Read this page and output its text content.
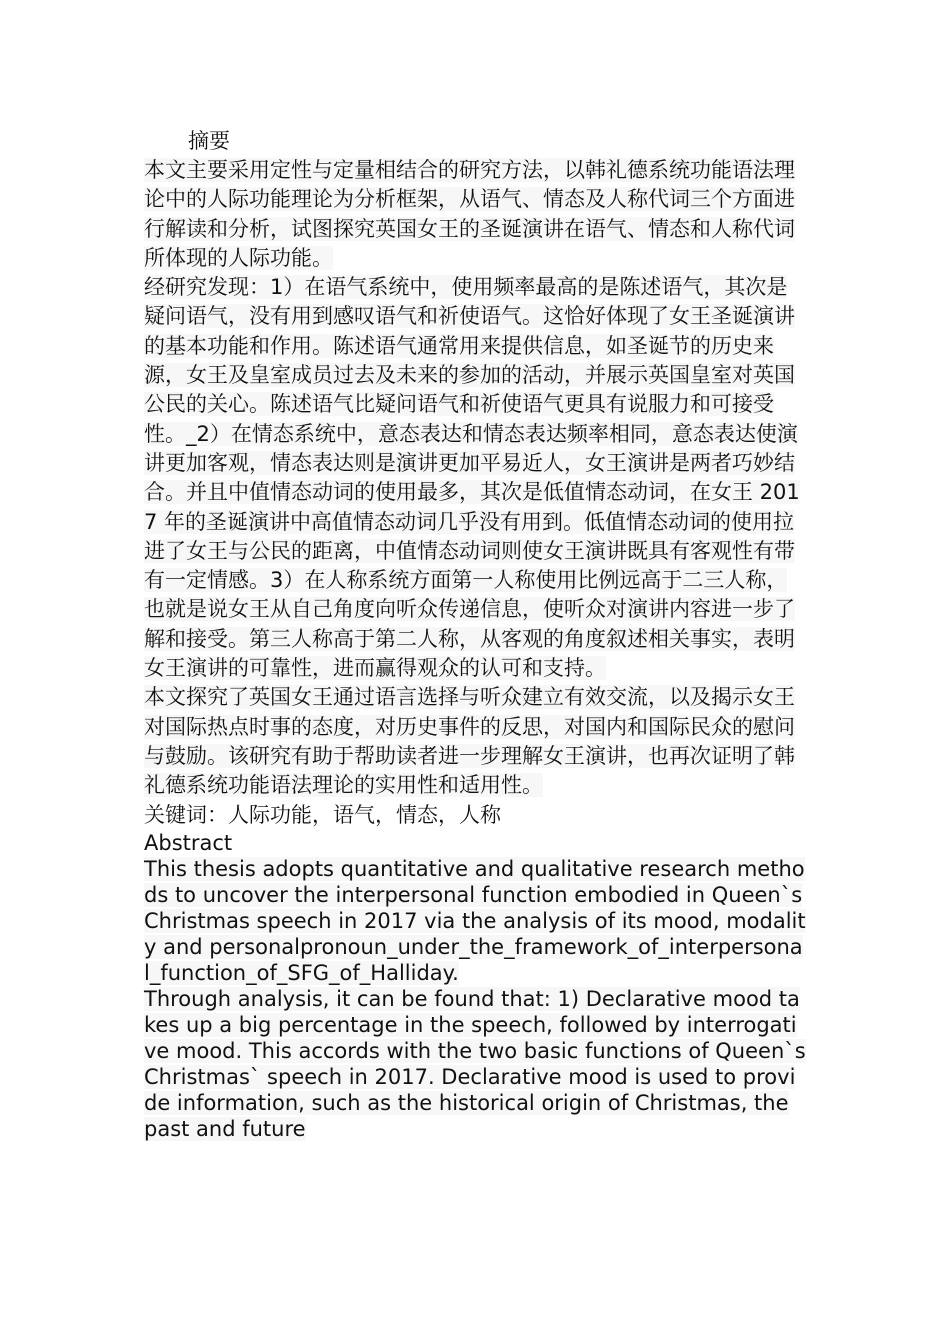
摘要

本文主要采用定性与定量相结合的研究方法，以韩礼德系统功能语法理论中的人际功能理论为分析框架，从语气、情态及人称代词三个方面进行解读和分析，试图探究英国女王的圣诞演讲在语气、情态和人称代词所体现的人际功能。

经研究发现：1）在语气系统中，使用频率最高的是陈述语气，其次是疑问语气，没有用到感叹语气和祈使语气。这恰好体现了女王圣诞演讲的基本功能和作用。陈述语气通常用来提供信息，如圣诞节的历史来源，女王及皇室成员过去及未来的参加的活动，并展示英国皇室对英国公民的关心。陈述语气比疑问语气和祈使语气更具有说服力和可接受性。_2）在情态系统中，意态表达和情态表达频率相同，意态表达使演讲更加客观，情态表达则是演讲更加平易近人，女王演讲是两者巧妙结合。并且中值情态动词的使用最多，其次是低值情态动词，在女王 2017 年的圣诞演讲中高值情态动词几乎没有用到。低值情态动词的使用拉进了女王与公民的距离，中值情态动词则使女王演讲既具有客观性有带有一定情感。3）在人称系统方面第一人称使用比例远高于二三人称，也就是说女王从自己角度向听众传递信息，使听众对演讲内容进一步了解和接受。第三人称高于第二人称，从客观的角度叙述相关事实，表明女王演讲的可靠性，进而赢得观众的认可和支持。

本文探究了英国女王通过语言选择与听众建立有效交流，以及揭示女王对国际热点时事的态度，对历史事件的反思，对国内和国际民众的慰问与鼓励。该研究有助于帮助读者进一步理解女王演讲，也再次证明了韩礼德系统功能语法理论的实用性和适用性。

关键词：人际功能，语气，情态，人称

Abstract

This thesis adopts quantitative and qualitative research methods to uncover the interpersonal function embodied in Queen`s Christmas speech in 2017 via the analysis of its mood, modality and personalpronoun_under_the_framework_of_interpersonal_function_of_SFG_of_Halliday.

Through analysis, it can be found that: 1) Declarative mood takes up a big percentage in the speech, followed by interrogative mood. This accords with the two basic functions of Queen`s Christmas` speech in 2017. Declarative mood is used to provide information, such as the historical origin of Christmas, the past and future
